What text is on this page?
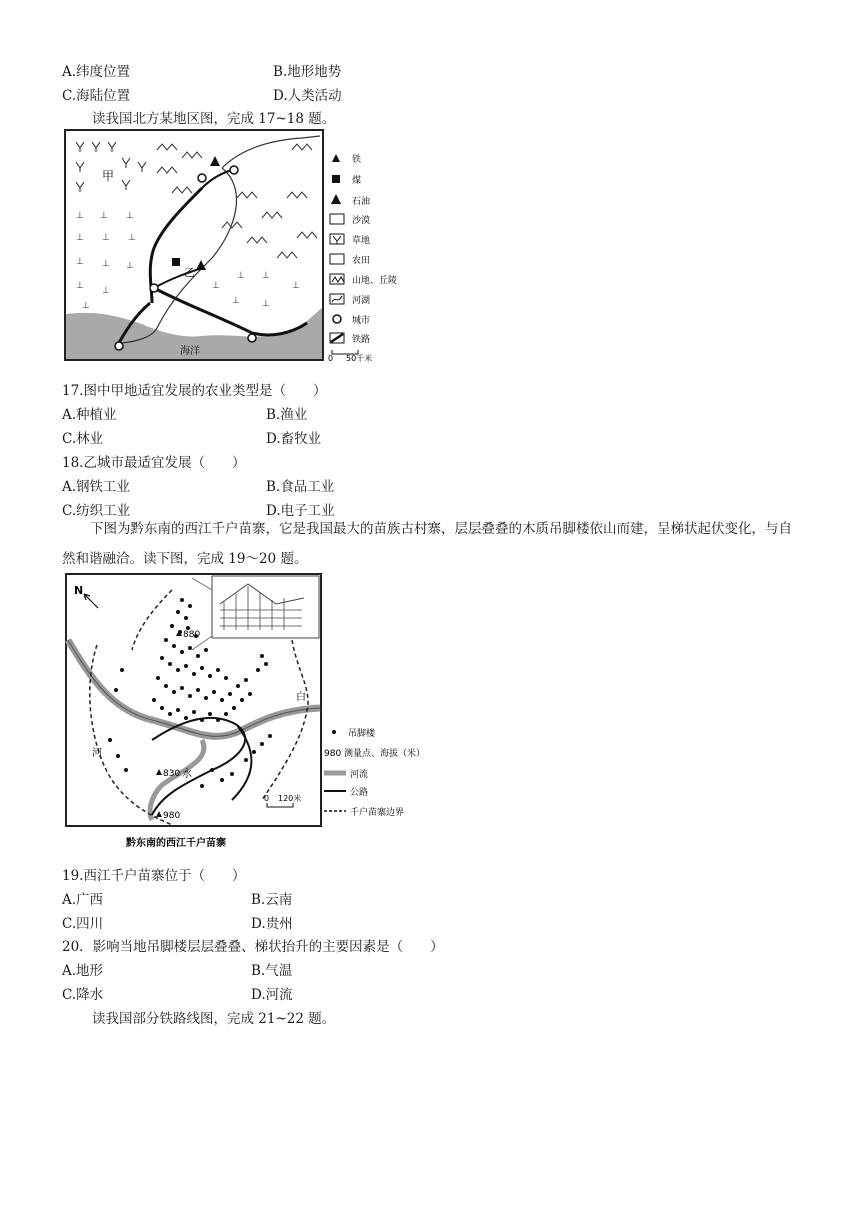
A.纬度位置	B.地形地势
C.海陆位置	D.人类活动
读我国北方某地区图，完成 17~18 题。
海洋
乙
甲
⊥ ⊥ ⊥
⊥ ⊥ ⊥
⊥ ⊥ ⊥
⊥ ⊥
⊥
⊥
⊥ ⊥
⊥ ⊥
⊥
铁
煤
石油
沙漠
草地
农田
山地、丘陵
河湖
城市
铁路
0 50千米
17.图中甲地适宜发展的农业类型是（　　）
A.种植业	B.渔业
C.林业	D.畜牧业
18.乙城市最适宜发展（　　）
A.钢铁工业	B.食品工业
C.纺织工业	D.电子工业
下图为黔东南的西江千户苗寨，它是我国最大的苗族古村寨，层层叠叠的木质吊脚楼依山而建，呈梯状起伏变化，与自然和谐融洽。读下图，完成 19～20 题。
N
880
830
980
水
河
白
0 120米
吊脚楼
980 测量点、海拔（米）
河流
公路
千户苗寨边界
黔东南的西江千户苗寨
19.西江千户苗寨位于（　　）
A.广西	B.云南
C.四川	D.贵州
20．影响当地吊脚楼层层叠叠、梯状抬升的主要因素是（　　）
A.地形	B.气温
C.降水	D.河流
读我国部分铁路线图，完成 21~22 题。
